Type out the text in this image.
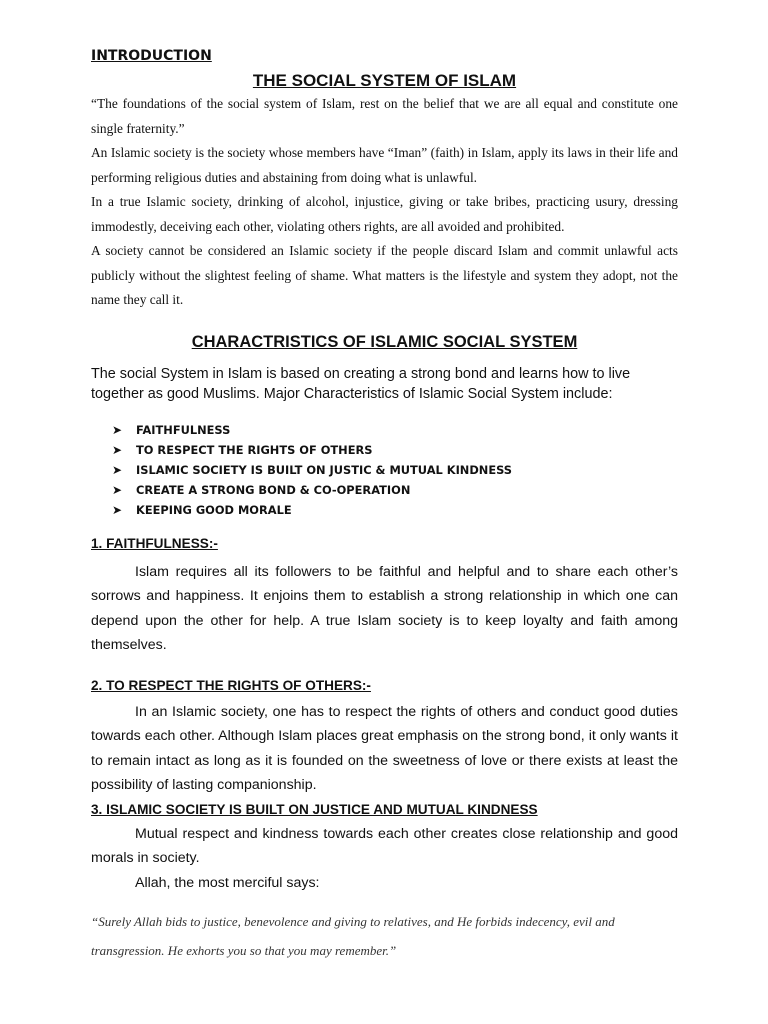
INTRODUCTION
THE SOCIAL SYSTEM OF ISLAM

“The foundations of the social system of Islam, rest on the belief that we are all equal and constitute one single fraternity.”

An Islamic society is the society whose members have “Iman” (faith) in Islam, apply its laws in their life and performing religious duties and abstaining from doing what is unlawful.

In a true Islamic society, drinking of alcohol, injustice, giving or take bribes, practicing usury, dressing immodestly, deceiving each other, violating others rights, are all avoided and prohibited.

A society cannot be considered an Islamic society if the people discard Islam and commit unlawful acts publicly without the slightest feeling of shame. What matters is the lifestyle and system they adopt, not the name they call it.

CHARACTRISTICS OF ISLAMIC SOCIAL SYSTEM

The social System in Islam is based on creating a strong bond and learns how to live together as good Muslims. Major Characteristics of Islamic Social System include:

➤	FAITHFULNESS
➤	TO RESPECT THE RIGHTS OF OTHERS
➤	ISLAMIC SOCIETY IS BUILT ON JUSTIC & MUTUAL KINDNESS
➤	CREATE A STRONG BOND & CO-OPERATION
➤	KEEPING GOOD MORALE
1. FAITHFULNESS:-

Islam requires all its followers to be faithful and helpful and to share each other’s sorrows and happiness. It enjoins them to establish a strong relationship in which one can depend upon the other for help. A true Islam society is to keep loyalty and faith among themselves.

2. TO RESPECT THE RIGHTS OF OTHERS:-

In an Islamic society, one has to respect the rights of others and conduct good duties towards each other. Although Islam places great emphasis on the strong bond, it only wants it to remain intact as long as it is founded on the sweetness of love or there exists at least the possibility of lasting companionship.

3. ISLAMIC SOCIETY IS BUILT ON JUSTICE AND MUTUAL KINDNESS

Mutual respect and kindness towards each other creates close relationship and good morals in society.

Allah, the most merciful says:

“Surely Allah bids to justice, benevolence and giving to relatives, and He forbids indecency, evil and transgression. He exhorts you so that you may remember.”
